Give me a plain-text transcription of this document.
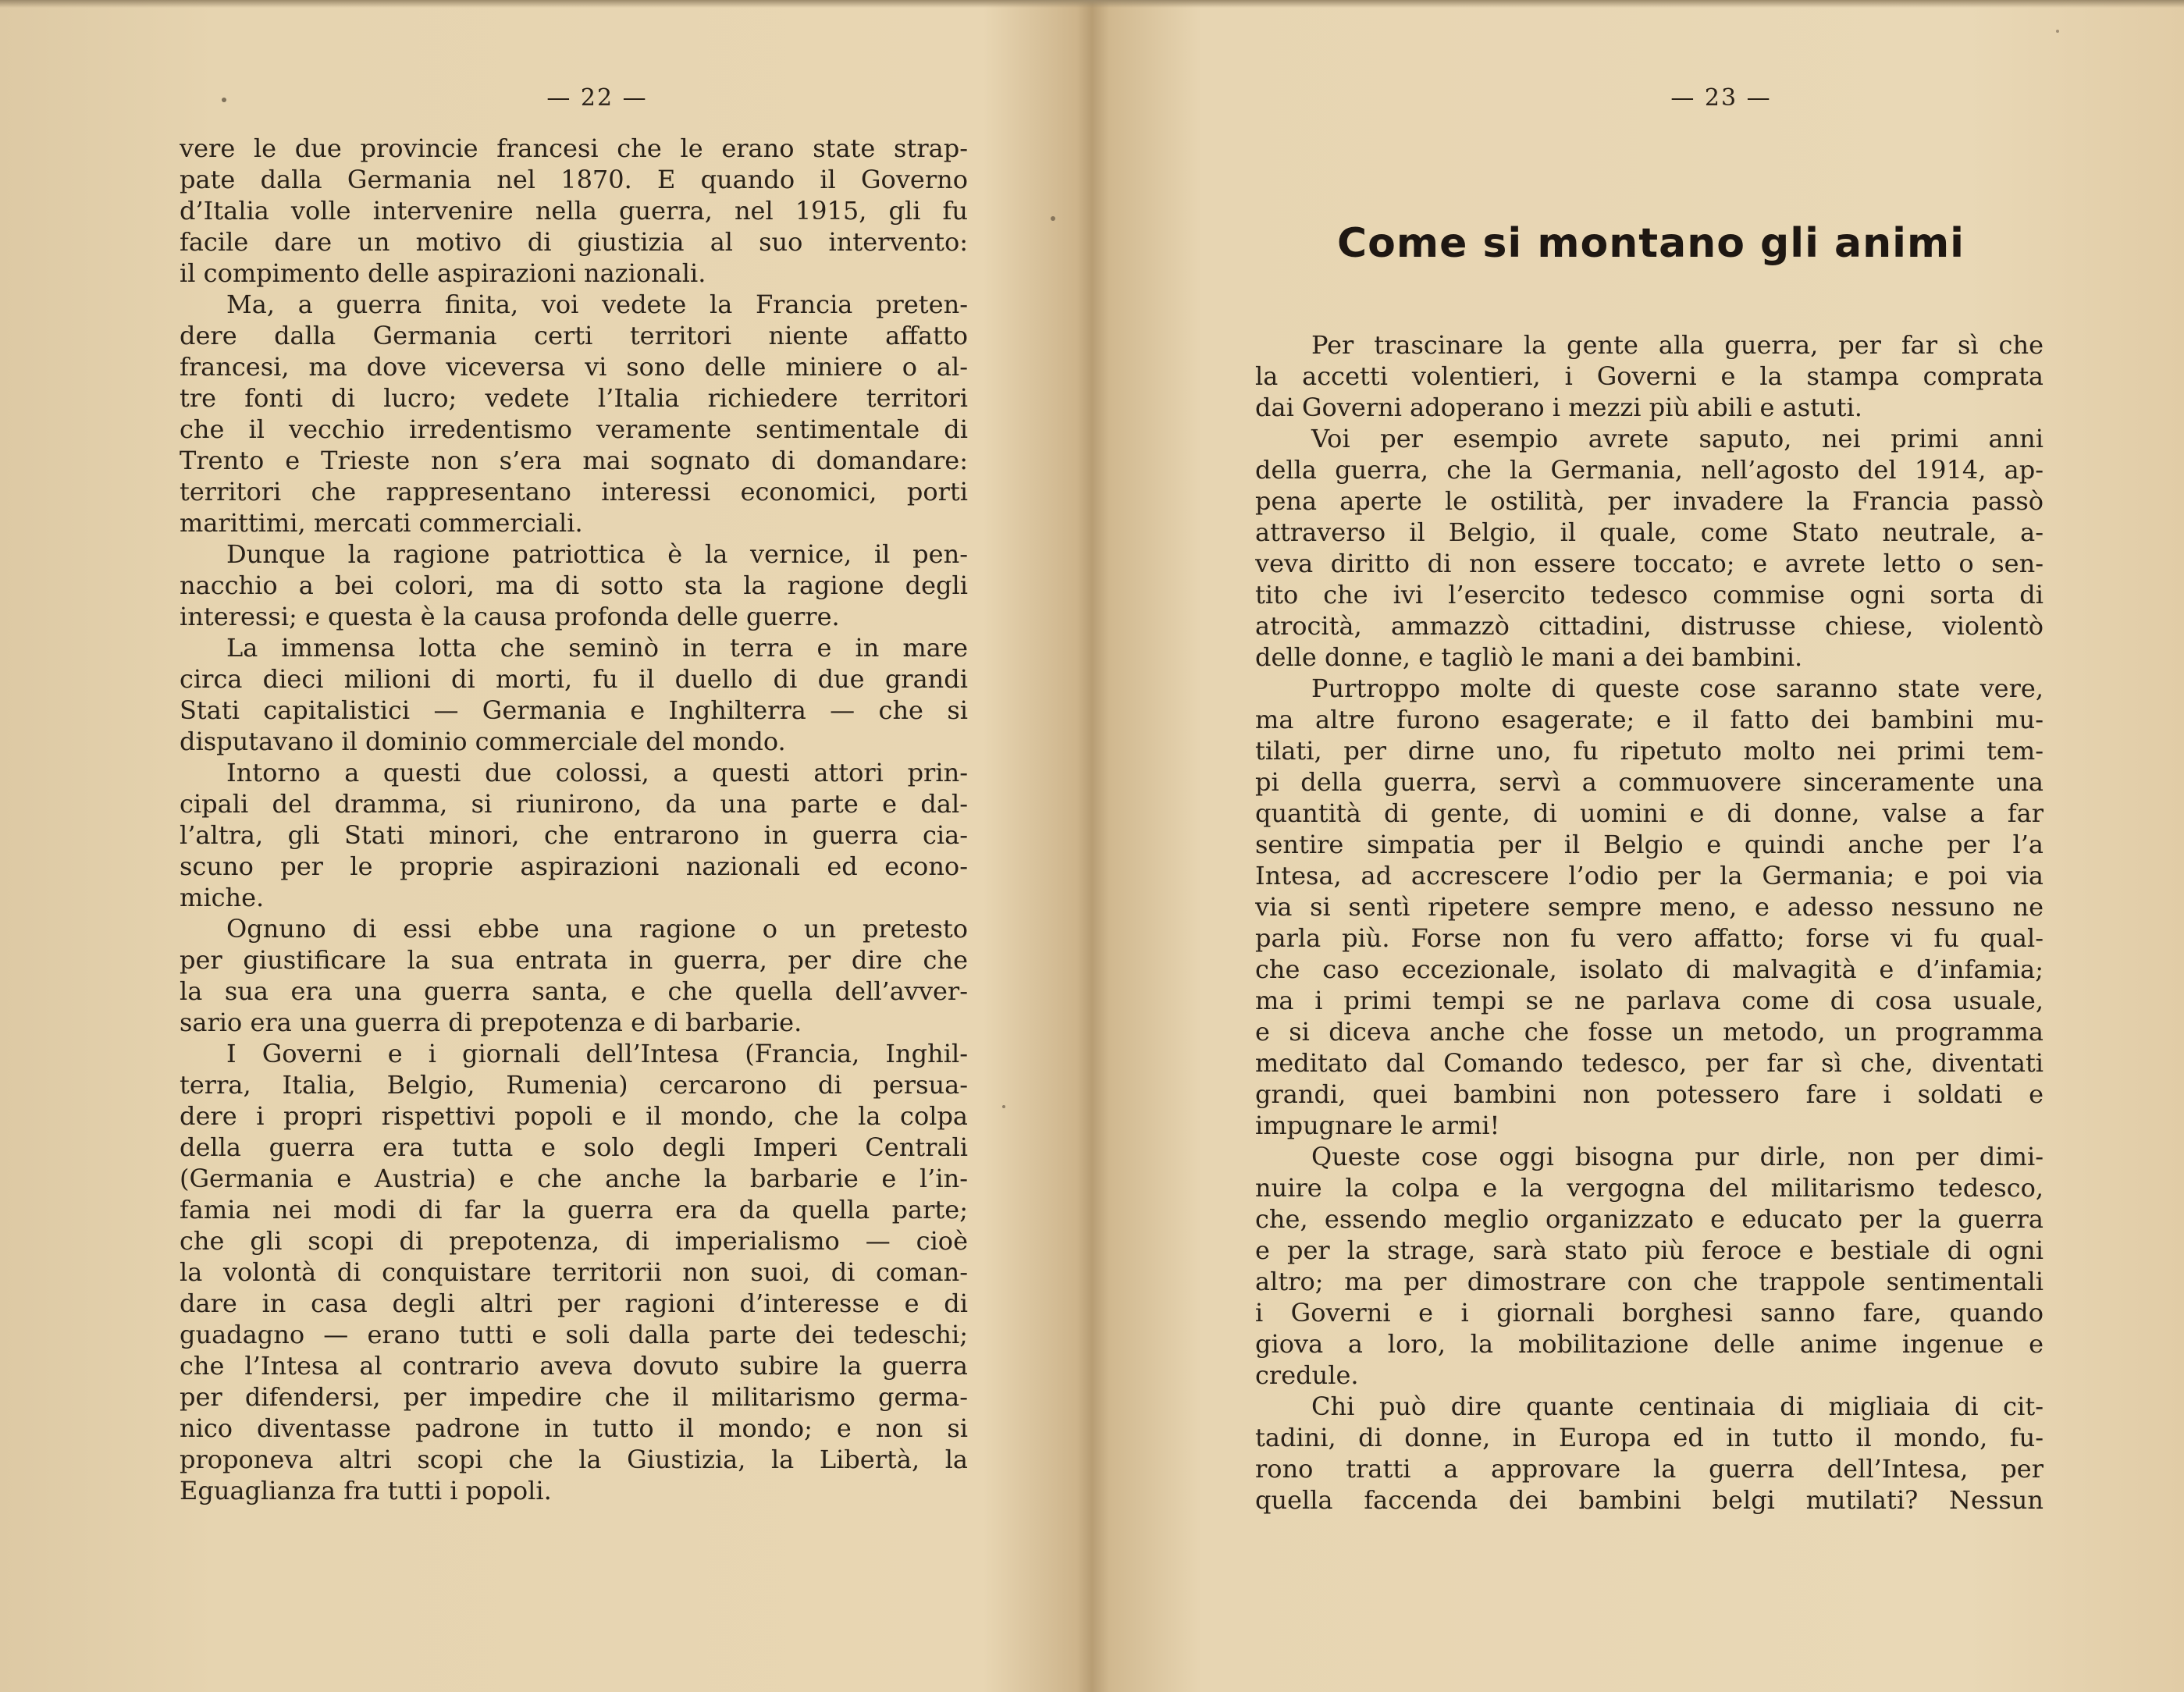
— 22 —
vere le due provincie francesi che le erano state strap-
pate dalla Germania nel 1870. E quando il Governo
d’Italia volle intervenire nella guerra, nel 1915, gli fu
facile dare un motivo di giustizia al suo intervento:
il compimento delle aspirazioni nazionali.
Ma, a guerra finita, voi vedete la Francia preten-
dere dalla Germania certi territori niente affatto
francesi, ma dove viceversa vi sono delle miniere o al-
tre fonti di lucro; vedete l’Italia richiedere territori
che il vecchio irredentismo veramente sentimentale di
Trento e Trieste non s’era mai sognato di domandare:
territori che rappresentano interessi economici, porti
marittimi, mercati commerciali.
Dunque la ragione patriottica è la vernice, il pen-
nacchio a bei colori, ma di sotto sta la ragione degli
interessi; e questa è la causa profonda delle guerre.
La immensa lotta che seminò in terra e in mare
circa dieci milioni di morti, fu il duello di due grandi
Stati capitalistici — Germania e Inghilterra — che si
disputavano il dominio commerciale del mondo.
Intorno a questi due colossi, a questi attori prin-
cipali del dramma, si riunirono, da una parte e dal-
l’altra, gli Stati minori, che entrarono in guerra cia-
scuno per le proprie aspirazioni nazionali ed econo-
miche.
Ognuno di essi ebbe una ragione o un pretesto
per giustificare la sua entrata in guerra, per dire che
la sua era una guerra santa, e che quella dell’avver-
sario era una guerra di prepotenza e di barbarie.
I Governi e i giornali dell’Intesa (Francia, Inghil-
terra, Italia, Belgio, Rumenia) cercarono di persua-
dere i propri rispettivi popoli e il mondo, che la colpa
della guerra era tutta e solo degli Imperi Centrali
(Germania e Austria) e che anche la barbarie e l’in-
famia nei modi di far la guerra era da quella parte;
che gli scopi di prepotenza, di imperialismo — cioè
la volontà di conquistare territorii non suoi, di coman-
dare in casa degli altri per ragioni d’interesse e di
guadagno — erano tutti e soli dalla parte dei tedeschi;
che l’Intesa al contrario aveva dovuto subire la guerra
per difendersi, per impedire che il militarismo germa-
nico diventasse padrone in tutto il mondo; e non si
proponeva altri scopi che la Giustizia, la Libertà, la
Eguaglianza fra tutti i popoli.
— 23 —
Come si montano gli animi
Per trascinare la gente alla guerra, per far sì che
la accetti volentieri, i Governi e la stampa comprata
dai Governi adoperano i mezzi più abili e astuti.
Voi per esempio avrete saputo, nei primi anni
della guerra, che la Germania, nell’agosto del 1914, ap-
pena aperte le ostilità, per invadere la Francia passò
attraverso il Belgio, il quale, come Stato neutrale, a-
veva diritto di non essere toccato; e avrete letto o sen-
tito che ivi l’esercito tedesco commise ogni sorta di
atrocità, ammazzò cittadini, distrusse chiese, violentò
delle donne, e tagliò le mani a dei bambini.
Purtroppo molte di queste cose saranno state vere,
ma altre furono esagerate; e il fatto dei bambini mu-
tilati, per dirne uno, fu ripetuto molto nei primi tem-
pi della guerra, servì a commuovere sinceramente una
quantità di gente, di uomini e di donne, valse a far
sentire simpatia per il Belgio e quindi anche per l’a
Intesa, ad accrescere l’odio per la Germania; e poi via
via si sentì ripetere sempre meno, e adesso nessuno ne
parla più. Forse non fu vero affatto; forse vi fu qual-
che caso eccezionale, isolato di malvagità e d’infamia;
ma i primi tempi se ne parlava come di cosa usuale,
e si diceva anche che fosse un metodo, un programma
meditato dal Comando tedesco, per far sì che, diventati
grandi, quei bambini non potessero fare i soldati e
impugnare le armi!
Queste cose oggi bisogna pur dirle, non per dimi-
nuire la colpa e la vergogna del militarismo tedesco,
che, essendo meglio organizzato e educato per la guerra
e per la strage, sarà stato più feroce e bestiale di ogni
altro; ma per dimostrare con che trappole sentimentali
i Governi e i giornali borghesi sanno fare, quando
giova a loro, la mobilitazione delle anime ingenue e
credule.
Chi può dire quante centinaia di migliaia di cit-
tadini, di donne, in Europa ed in tutto il mondo, fu-
rono tratti a approvare la guerra dell’Intesa, per
quella faccenda dei bambini belgi mutilati? Nessun
